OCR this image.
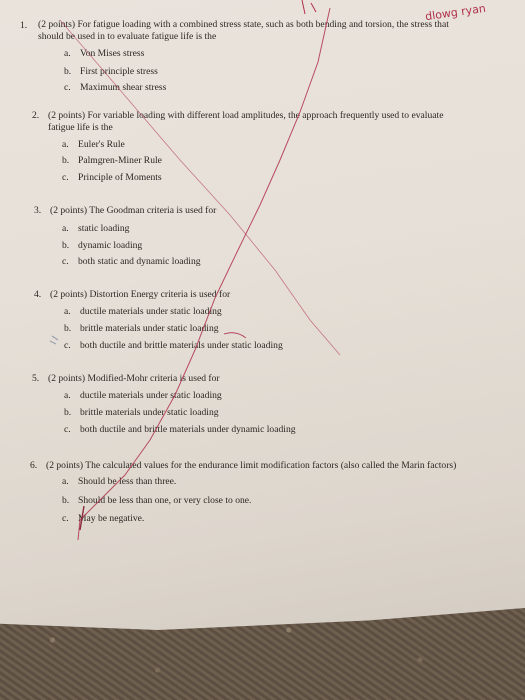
1. (2 points) For fatigue loading with a combined stress state, such as both bending and torsion, the stress that
should be used in to evaluate fatigue life is the
a. Von Mises stress
b. First principle stress
c. Maximum shear stress
2. (2 points) For variable loading with different load amplitudes, the approach frequently used to evaluate
fatigue life is the
a. Euler's Rule
b. Palmgren-Miner Rule
c. Principle of Moments
3. (2 points) The Goodman criteria is used for
a. static loading
b. dynamic loading
c. both static and dynamic loading
4. (2 points) Distortion Energy criteria is used for
a. ductile materials under static loading
b. brittle materials under static loading
c. both ductile and brittle materials under static loading
5. (2 points) Modified-Mohr criteria is used for
a. ductile materials under static loading
b. brittle materials under static loading
c. both ductile and brittle materials under dynamic loading
6. (2 points) The calculated values for the endurance limit modification factors (also called the Marin factors)
a. Should be less than three.
b. Should be less than one, or very close to one.
c. May be negative.
dlowg ryan
